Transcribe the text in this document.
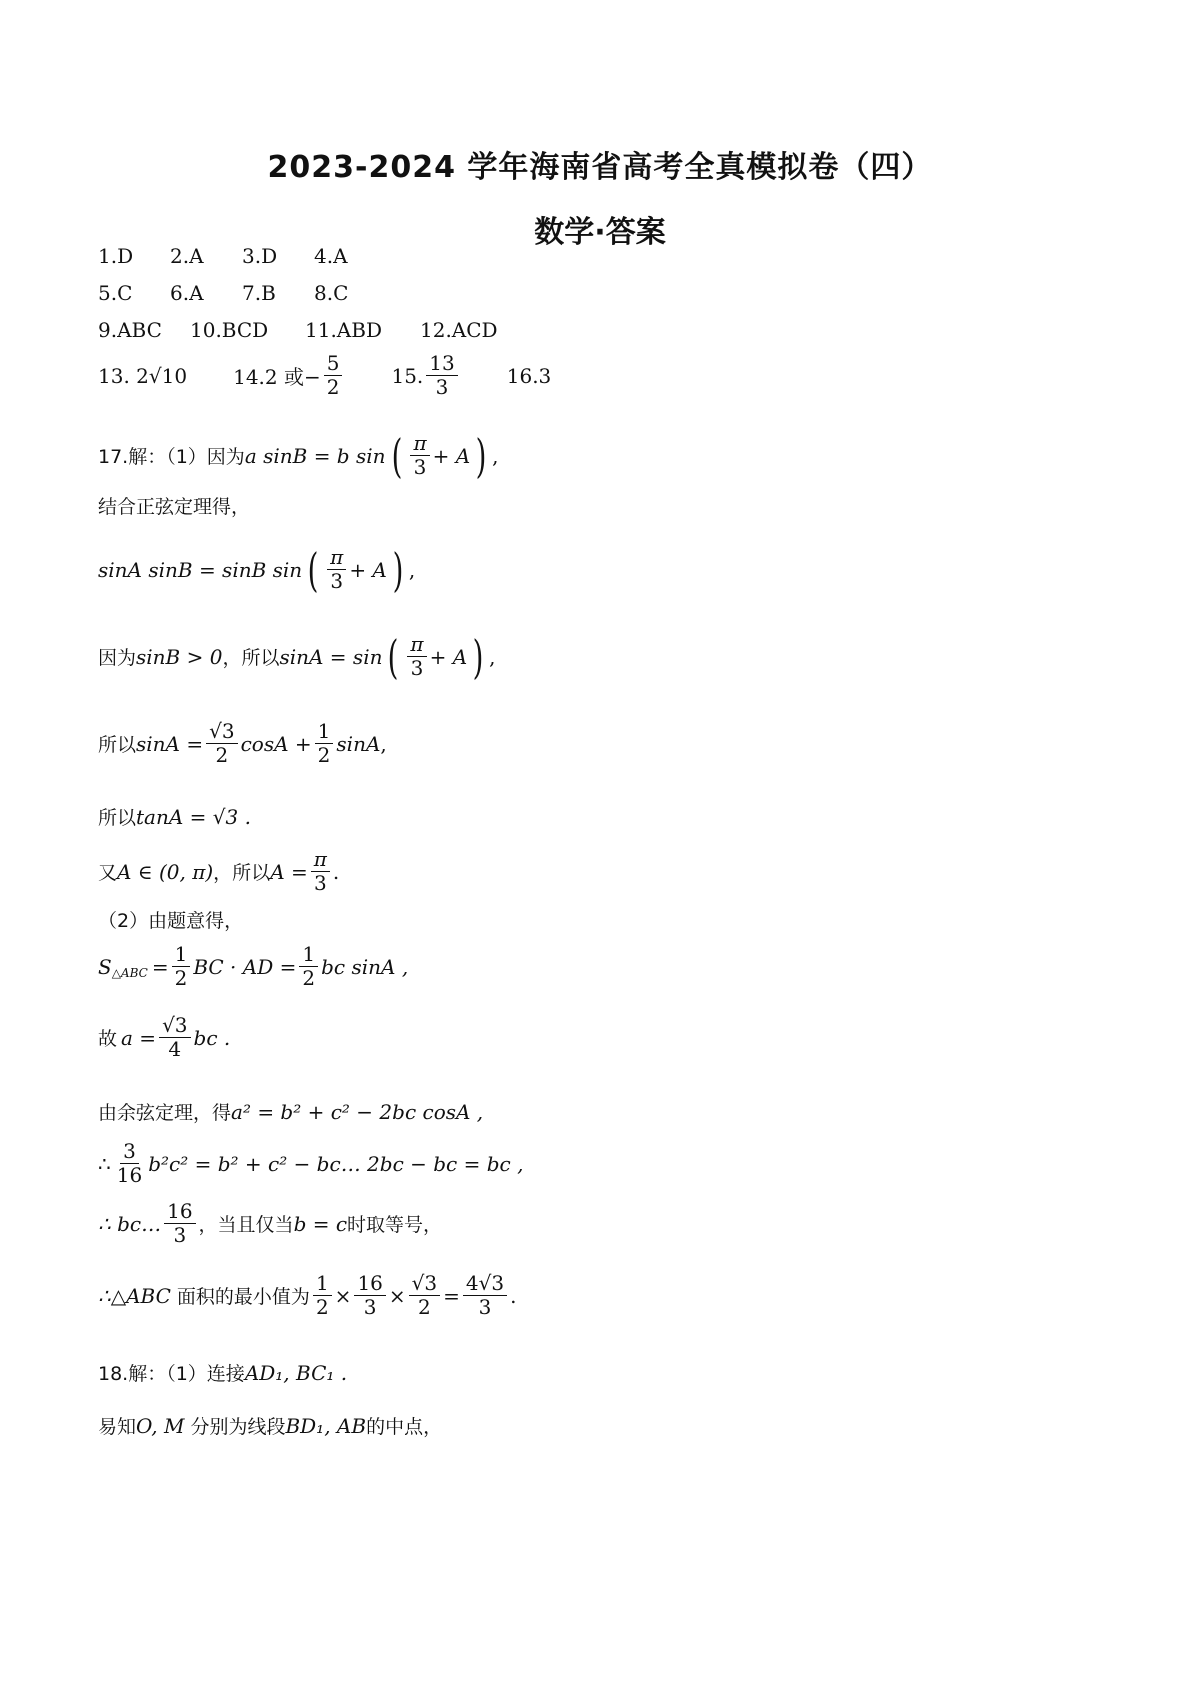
2023-2024 学年海南省高考全真模拟卷（四）
数学·答案
1.D	2.A	3.D	4.A
5.C	6.A	7.B	8.C
9.ABC	10.BCD	11.ABD	12.ACD
13. 2√10 14.2 或− $\frac{5}{2} 15$. $\frac{13}{3} 16.3$
17.解：（1）因为 a sinB = b sin ( $\frac{\pi}{3} + A$ ) ,
结合正弦定理得，
sinA sinB = sinB sin ( $\frac{\pi}{3} + A$ ) ,
因为 sinB > 0 ，所以 sinA = sin ( $\frac{\pi}{3} + A$ ) ,
所以 $\sin A = \frac{√3}{2}$ $\cos A + \frac{1}{2}$ sinA ,
所以 tanA = √3 .
又 A ∈ (0, π) ，所以 $A = \frac{\pi}{3}$ .
（2）由题意得，
S △ABC = $\frac{1}{2}$ BC · AD = $\frac{1}{2}$ bc sinA ,
故 $a = \frac{√3}{4}$ bc .
由余弦定理，得 a² = b² + c² − 2bc cosA ,
∴ $\frac{3}{16} b^2c^2 = b^2 + c^2$ − bc… 2bc − bc = bc ,
∴ bc… $\frac{16}{3}$ ，当且仅当 b = c 时取等号，
∴△ABC 面积的最小值为 $\frac{1}{2} \times \frac{16}{3} \times \frac{√3}{2} = \frac{4√3}{3}$ .
18.解：（1）连接 AD₁, BC₁ .
易知 O, M 分别为线段 BD₁, AB 的中点，
